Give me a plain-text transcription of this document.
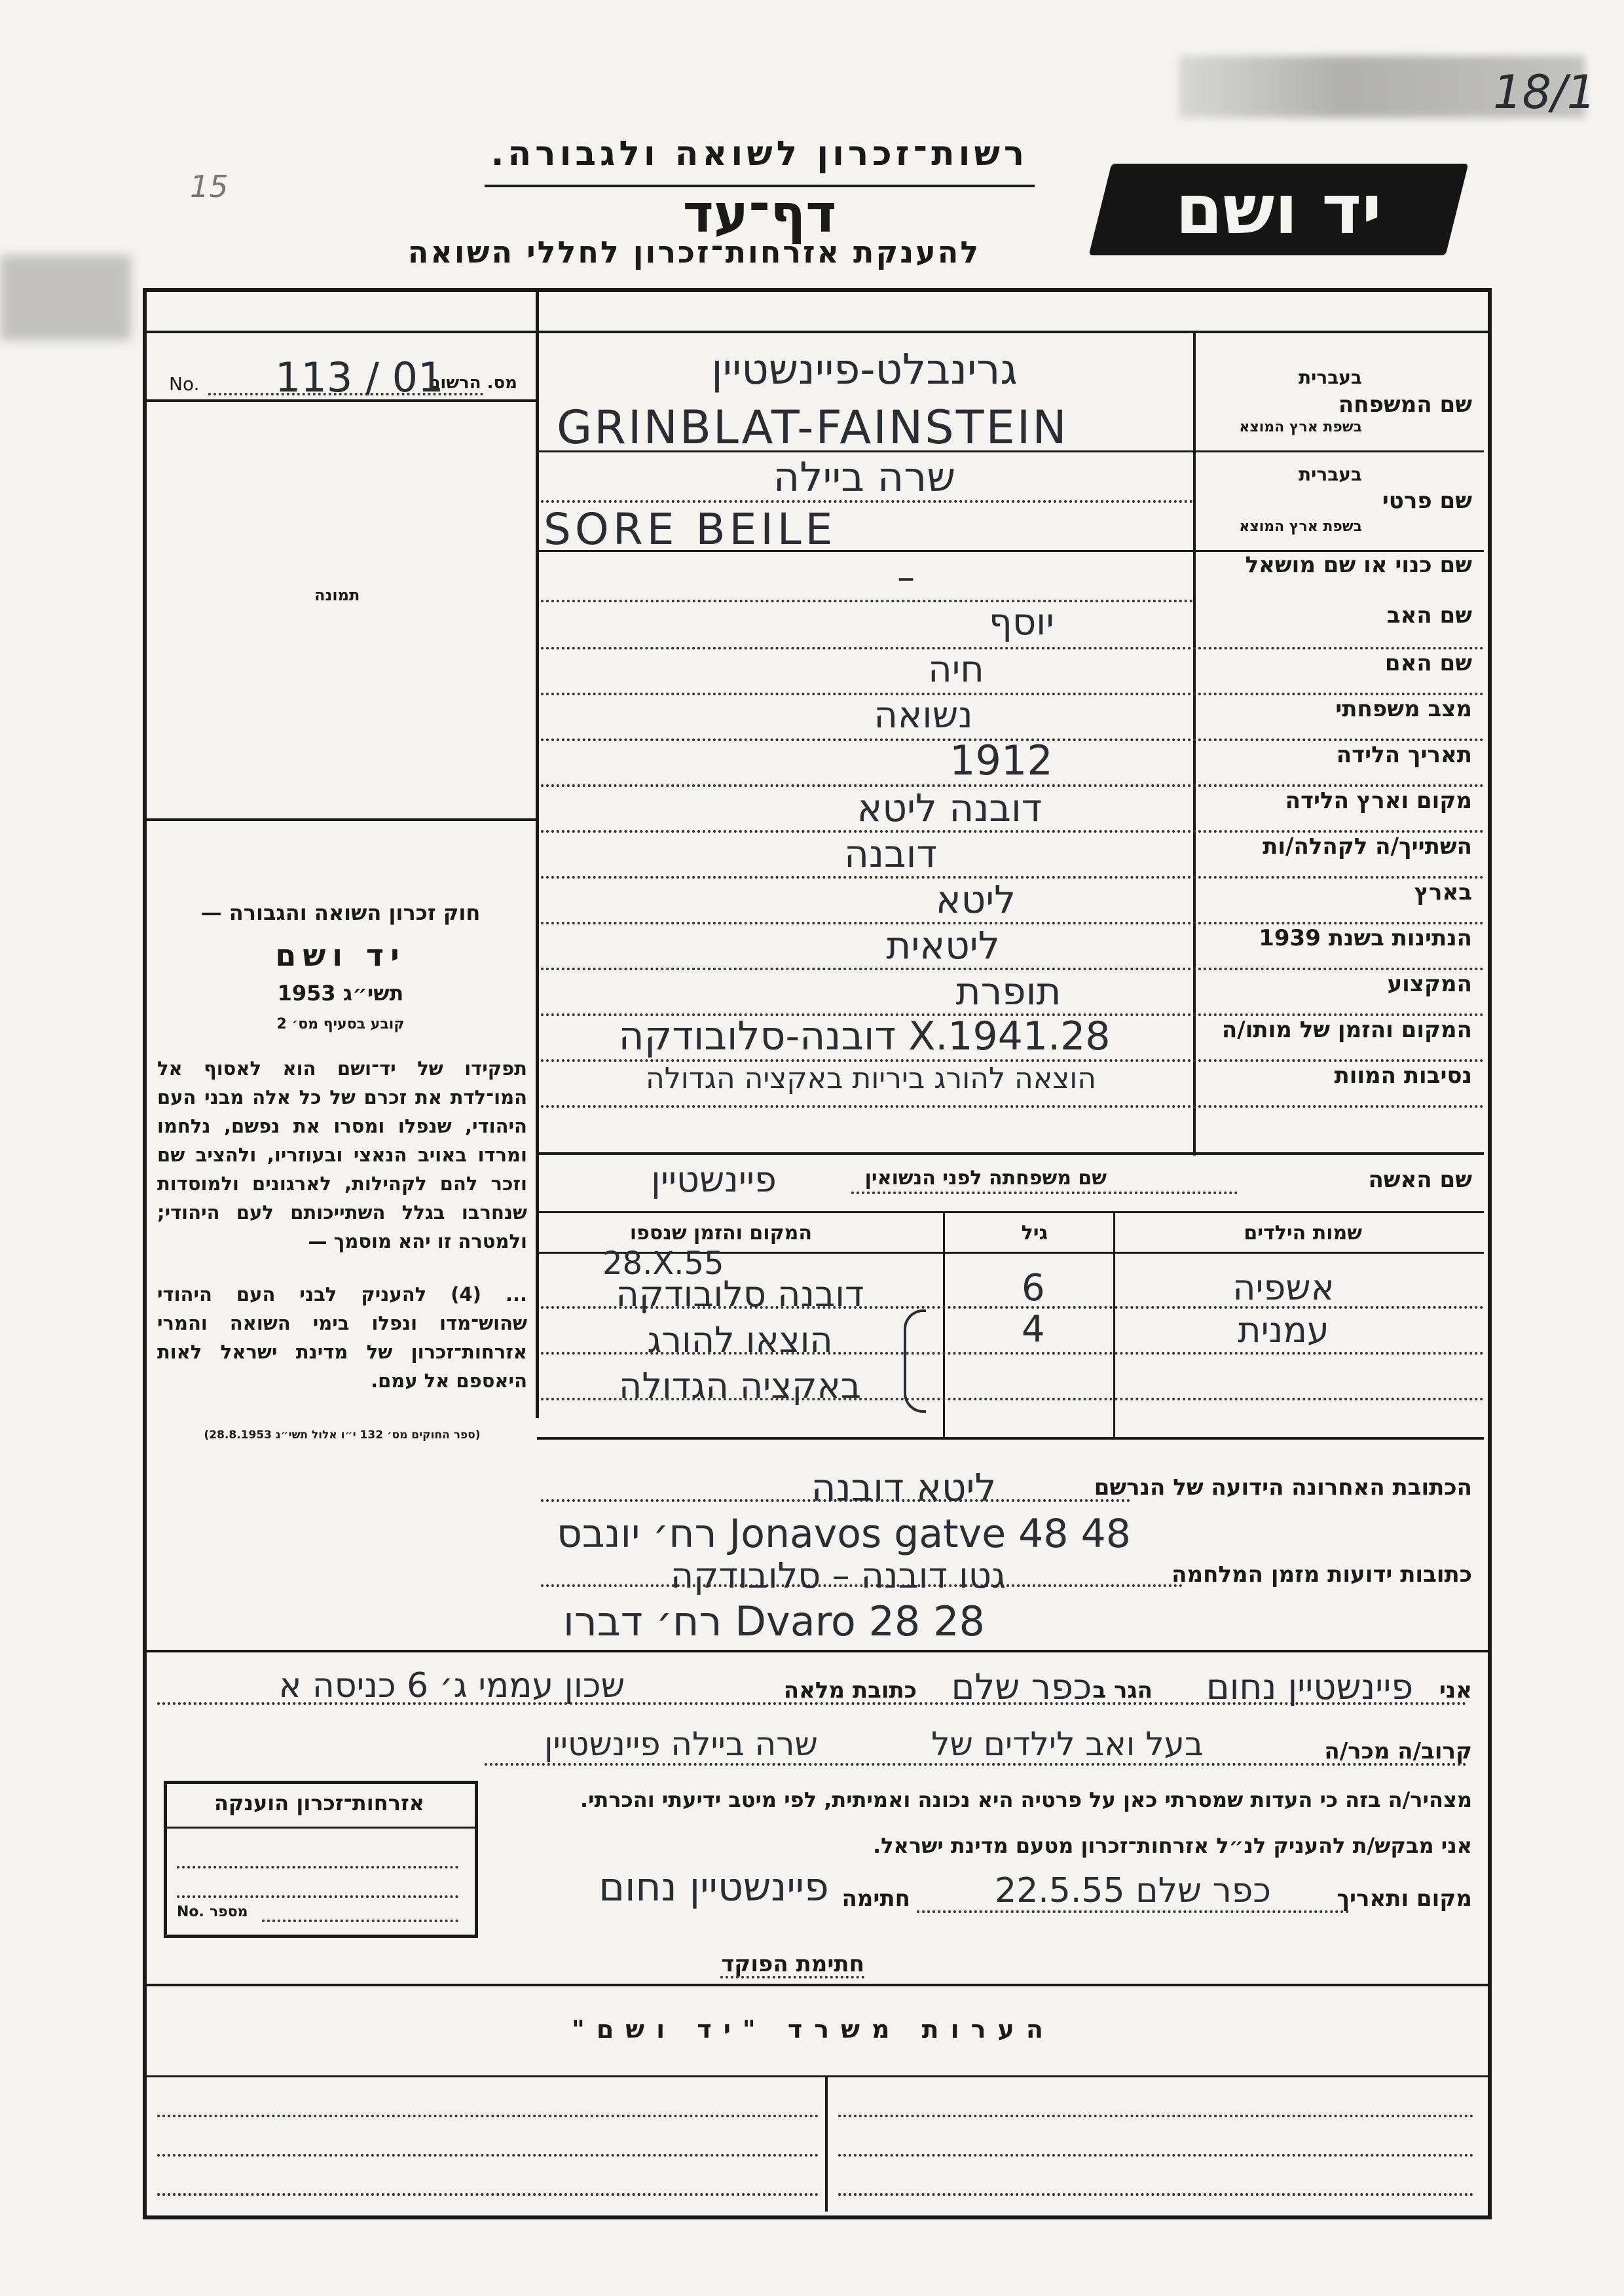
18/1
15
רשות־זכרון לשואה ולגבורה.
דף־עד
להענקת אזרחות־זכרון לחללי השואה
יד ושם
מס. הרשום
No. 113 / 01
תמונה
שם המשפחה
בעברית
בשפת ארץ המוצא
שם פרטי
בעברית
בשפת ארץ המוצא
שם כנוי או שם מושאל
שם האב
שם האם
מצב משפחתי
תאריך הלידה
מקום וארץ הלידה
השתייך/ה לקהלה/ות
בארץ
הנתינות בשנת 1939
המקצוע
המקום והזמן של מותו/ה
נסיבות המוות
גרינבלט-פיינשטיין
GRINBLAT-FAINSTEIN
שרה ביילה
SORE BEILE
–
יוסף
חיה
נשואה
1912
דובנה ליטא
דובנה
ליטא
ליטאית
תופרת
28.X.1941 דובנה-סלובודקה
הוצאה להורג ביריות באקציה הגדולה
חוק זכרון השואה והגבורה —
יד ושם
תשי״ג 1953
קובע בסעיף מס׳ 2
תפקידו של יד־ושם הוא לאסוף אל המו־לדת את זכרם של כל אלה מבני העם היהודי, שנפלו ומסרו את נפשם, נלחמו ומרדו באויב הנאצי ובעוזריו, ולהציב שם וזכר להם לקהילות, לארגונים ולמוסדות שנחרבו בגלל השתייכותם לעם היהודי; ולמטרה זו יהא מוסמך —
... (4) להעניק לבני העם היהודי שהוש־מדו ונפלו בימי השואה והמרי אזרחות־זכרון של מדינת ישראל לאות היאספם אל עמם.
(ספר החוקים מס׳ 132 י״ו אלול תשי״ג 28.8.1953)
שם האשה
שם משפחתה לפני הנשואין
פיינשטיין
שמות הילדים
גיל
המקום והזמן שנספו
28.X.55
אשפיה
6
דובנה סלובודקה
עמנית
4
הוצאו להורג
באקציה הגדולה
הכתובת האחרונה הידועה של הנרשם
ליטא דובנה
רח׳ יונבס Jonavos gatve 48 48
כתובות ידועות מזמן המלחמה
גטו דובנה – סלובודקה
רח׳ דברו Dvaro 28 28
אני
פיינשטיין נחום
הגר ב
כפר שלם
כתובת מלאה
שכון עממי ג׳ 6 כניסה א
קרוב/ה מכר/ה
בעל ואב לילדים של
שרה ביילה פיינשטיין
מצהיר/ה בזה כי העדות שמסרתי כאן על פרטיה היא נכונה ואמיתית, לפי מיטב ידיעתי והכרתי.
אני מבקש/ת להעניק לנ״ל אזרחות־זכרון מטעם מדינת ישראל.
מקום ותאריך
כפר שלם 22.5.55
חתימה
פיינשטיין נחום
חתימת הפוקד
אזרחות־זכרון הוענקה
No. מספר
הערות משרד "יד ושם"
